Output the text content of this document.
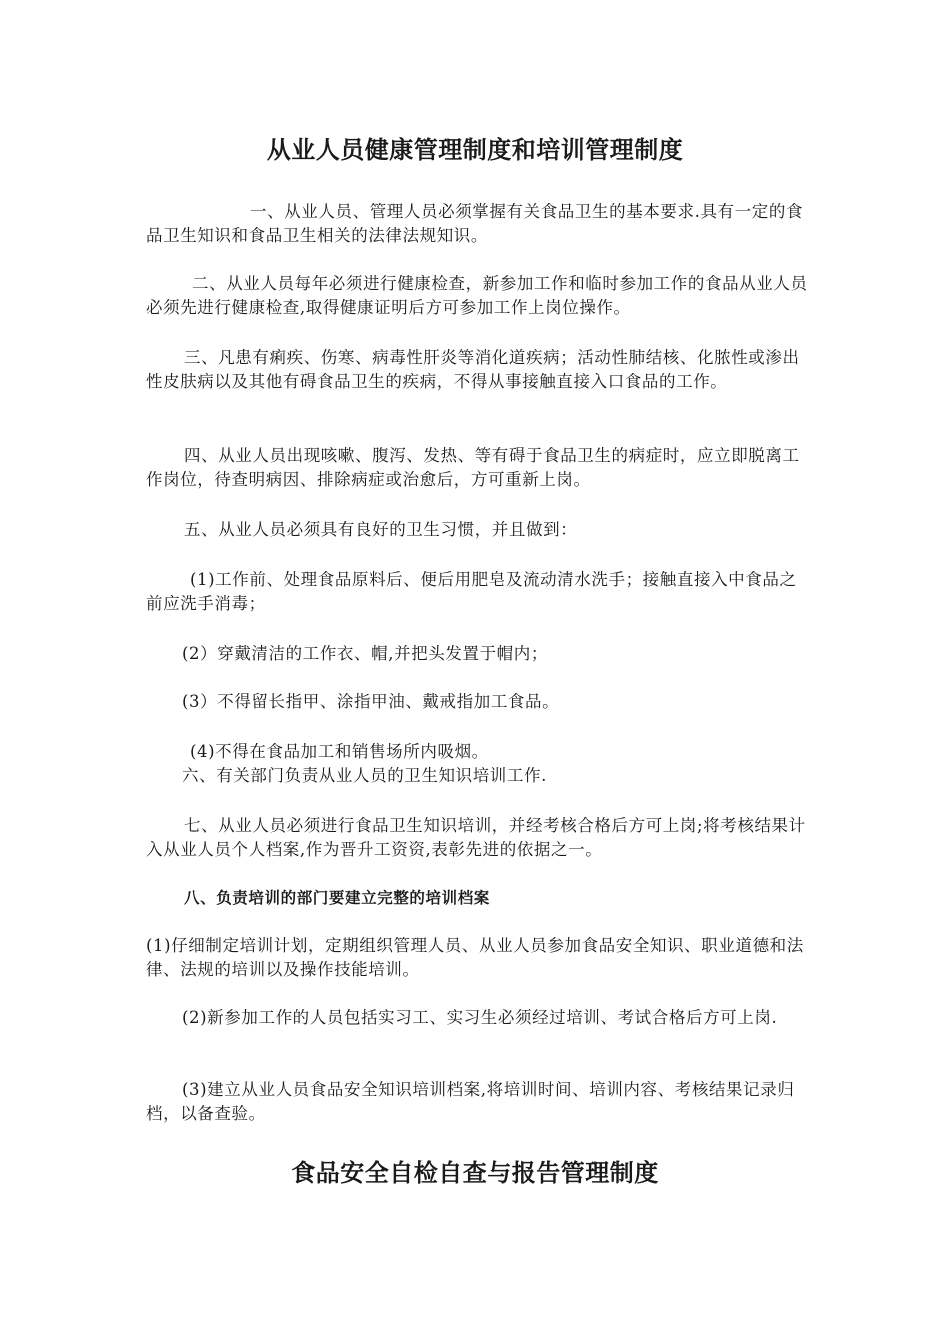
从业人员健康管理制度和培训管理制度
一、从业人员、管理人员必须掌握有关食品卫生的基本要求.具有一定的食品卫生知识和食品卫生相关的法律法规知识。
二、从业人员每年必须进行健康检查，新参加工作和临时参加工作的食品从业人员必须先进行健康检查,取得健康证明后方可参加工作上岗位操作。
三、凡患有痢疾、伤寒、病毒性肝炎等消化道疾病；活动性肺结核、化脓性或渗出性皮肤病以及其他有碍食品卫生的疾病，不得从事接触直接入口食品的工作。
四、从业人员出现咳嗽、腹泻、发热、等有碍于食品卫生的病症时，应立即脱离工作岗位，待查明病因、排除病症或治愈后，方可重新上岗。
五、从业人员必须具有良好的卫生习惯，并且做到：
(1)工作前、处理食品原料后、便后用肥皂及流动清水洗手；接触直接入中食品之前应洗手消毒；
(2）穿戴清洁的工作衣、帽,并把头发置于帽内；
(3）不得留长指甲、涂指甲油、戴戒指加工食品。
(4)不得在食品加工和销售场所内吸烟。
六、有关部门负责从业人员的卫生知识培训工作.
七、从业人员必须进行食品卫生知识培训，并经考核合格后方可上岗;将考核结果计入从业人员个人档案,作为晋升工资资,表彰先进的依据之一。
八、负责培训的部门要建立完整的培训档案
(1)仔细制定培训计划，定期组织管理人员、从业人员参加食品安全知识、职业道德和法律、法规的培训以及操作技能培训。
(2)新参加工作的人员包括实习工、实习生必须经过培训、考试合格后方可上岗.
(3)建立从业人员食品安全知识培训档案,将培训时间、培训内容、考核结果记录归档，以备查验。
食品安全自检自查与报告管理制度
